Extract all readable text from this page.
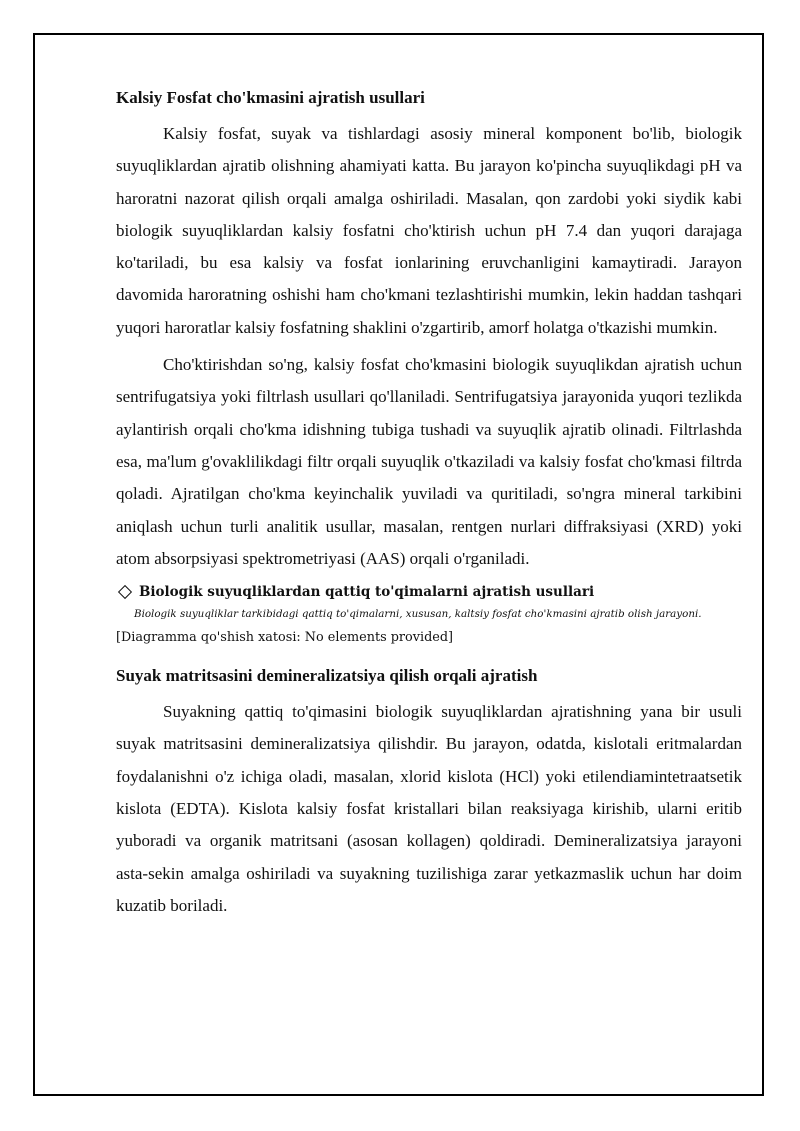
Kalsiy Fosfat cho'kmasini ajratish usullari

Kalsiy fosfat, suyak va tishlardagi asosiy mineral komponent bo'lib, biologik suyuqliklardan ajratib olishning ahamiyati katta. Bu jarayon ko'pincha suyuqlikdagi pH va haroratni nazorat qilish orqali amalga oshiriladi. Masalan, qon zardobi yoki siydik kabi biologik suyuqliklardan kalsiy fosfatni cho'ktirish uchun pH 7.4 dan yuqori darajaga ko'tariladi, bu esa kalsiy va fosfat ionlarining eruvchanligini kamaytiradi. Jarayon davomida haroratning oshishi ham cho'kmani tezlashtirishi mumkin, lekin haddan tashqari yuqori haroratlar kalsiy fosfatning shaklini o'zgartirib, amorf holatga o'tkazishi mumkin.

Cho'ktirishdan so'ng, kalsiy fosfat cho'kmasini biologik suyuqlikdan ajratish uchun sentrifugatsiya yoki filtrlash usullari qo'llaniladi. Sentrifugatsiya jarayonida yuqori tezlikda aylantirish orqali cho'kma idishning tubiga tushadi va suyuqlik ajratib olinadi. Filtrlashda esa, ma'lum g'ovaklilikdagi filtr orqali suyuqlik o'tkaziladi va kalsiy fosfat cho'kmasi filtrda qoladi. Ajratilgan cho'kma keyinchalik yuviladi va quritiladi, so'ngra mineral tarkibini aniqlash uchun turli analitik usullar, masalan, rentgen nurlari diffraksiyasi (XRD) yoki atom absorpsiyasi spektrometriyasi (AAS) orqali o'rganiladi.

Biologik suyuqliklardan qattiq to'qimalarni ajratish usullari
Biologik suyuqliklar tarkibidagi qattiq to'qimalarni, xususan, kaltsiy fosfat cho'kmasini ajratib olish jarayoni.
[Diagramma qo'shish xatosi: No elements provided]
Suyak matritsasini demineralizatsiya qilish orqali ajratish

Suyakning qattiq to'qimasini biologik suyuqliklardan ajratishning yana bir usuli suyak matritsasini demineralizatsiya qilishdir. Bu jarayon, odatda, kislotali eritmalardan foydalanishni o'z ichiga oladi, masalan, xlorid kislota (HCl) yoki etilendiamintetraatsetik kislota (EDTA). Kislota kalsiy fosfat kristallari bilan reaksiyaga kirishib, ularni eritib yuboradi va organik matritsani (asosan kollagen) qoldiradi. Demineralizatsiya jarayoni asta-sekin amalga oshiriladi va suyakning tuzilishiga zarar yetkazmaslik uchun har doim kuzatib boriladi.
